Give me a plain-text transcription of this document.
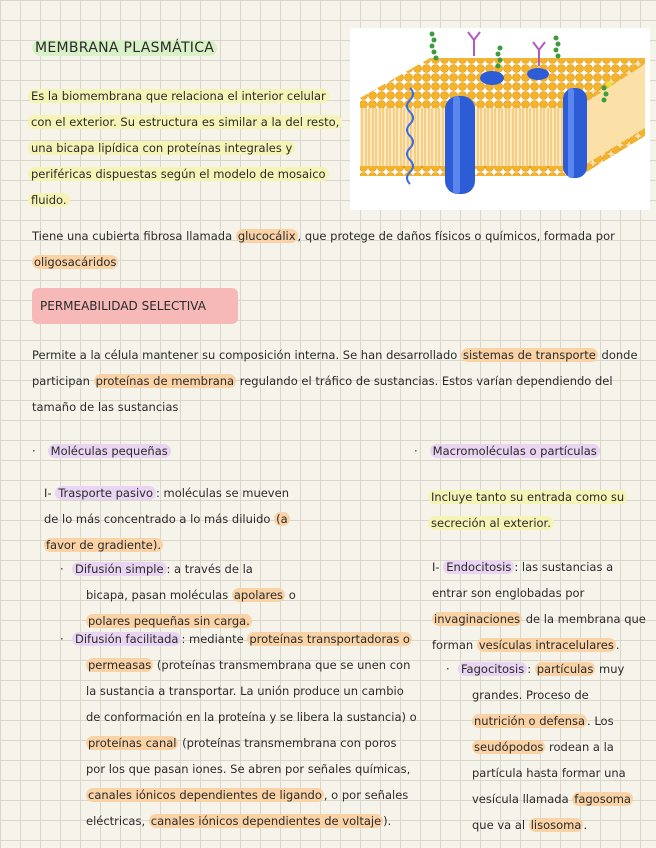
MEMBRANA PLASMÁTICA
Es la biomembrana que relaciona el interior celular
con el exterior. Su estructura es similar a la del resto,
una bicapa lipídica con proteínas integrales y
periféricas dispuestas según el modelo de mosaico
fluido.
Tiene una cubierta fibrosa llamada glucocálix , que protege de daños físicos o químicos, formada por
oligosacáridos
PERMEABILIDAD SELECTIVA
Permite a la célula mantener su composición interna. Se han desarrollado sistemas de transporte donde
participan proteínas de membrana regulando el tráfico de sustancias. Estos varían dependiendo del
tamaño de las sustancias
· Moléculas pequeñas
I- Trasporte pasivo : moléculas se mueven
de lo más concentrado a lo más diluido (a
favor de gradiente).
· Difusión simple : a través de la
bicapa, pasan moléculas apolares o
polares pequeñas sin carga.
· Difusión facilitada : mediante proteínas transportadoras o
permeasas (proteínas transmembrana que se unen con
la sustancia a transportar. La unión produce un cambio
de conformación en la proteína y se libera la sustancia) o
proteínas canal (proteínas transmembrana con poros
por los que pasan iones. Se abren por señales químicas,
canales iónicos dependientes de ligando , o por señales
eléctricas, canales iónicos dependientes de voltaje ).
· Macromoléculas o partículas
Incluye tanto su entrada como su
secreción al exterior.
I- Endocitosis : las sustancias a
entrar son englobadas por
invaginaciones de la membrana que
forman vesículas intracelulares .
· Fagocitosis : partículas muy
grandes. Proceso de
nutrición o defensa . Los
seudópodos rodean a la
partícula hasta formar una
vesícula llamada fagosoma
que va al lisosoma .
